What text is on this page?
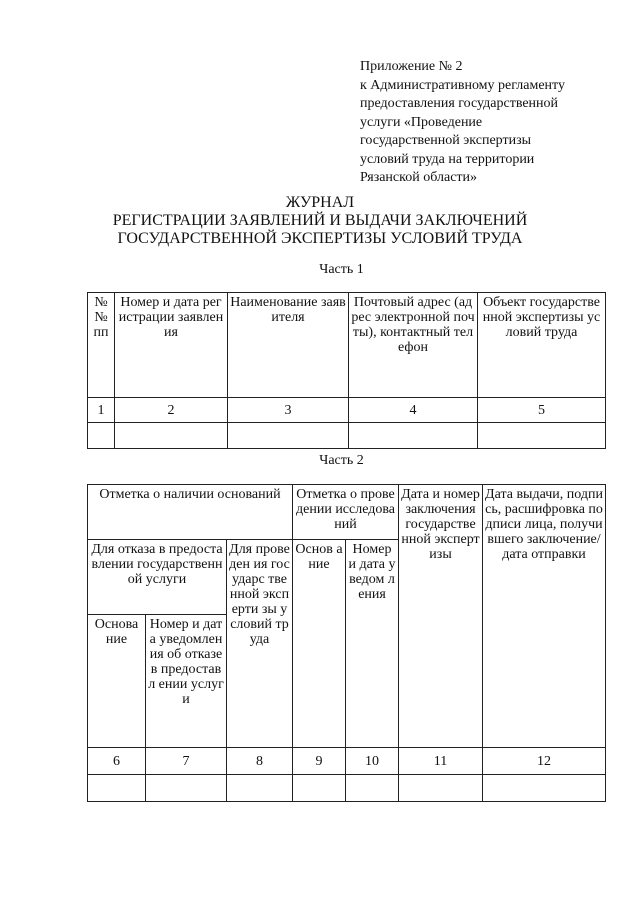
Приложение № 2
к Административному регламенту
предоставления государственной
услуги «Проведение
государственной экспертизы
условий труда на территории
Рязанской области»
ЖУРНАЛ
РЕГИСТРАЦИИ ЗАЯВЛЕНИЙ И ВЫДАЧИ ЗАКЛЮЧЕНИЙ
ГОСУДАРСТВЕННОЙ ЭКСПЕРТИЗЫ УСЛОВИЙ ТРУДА
Часть 1
№ № пп	Номер и дата регистрации заявления	Наименование заявителя	Почтовый адрес (адрес электронной почты), контактный телефон	Объект государственной экспертизы условий труда
1	2	3	4	5

Часть 2
Отметка о наличии оснований			Отметка о проведении исследований		Дата и номер заключения государстве нной экспертизы	Дата выдачи, подпись, расшифровка подписи лица, получившего заключение/дата отправки
Для отказа в предоставлении государственной услуги		Для проведен ия государс твенной эксперти зы условий труда	Основ ание	Номер и дата уведом ления		
Основа ние	Номер и дата уведомлен ия об отказе в предоставл ении услуги					
6	7	8	9	10	11	12
